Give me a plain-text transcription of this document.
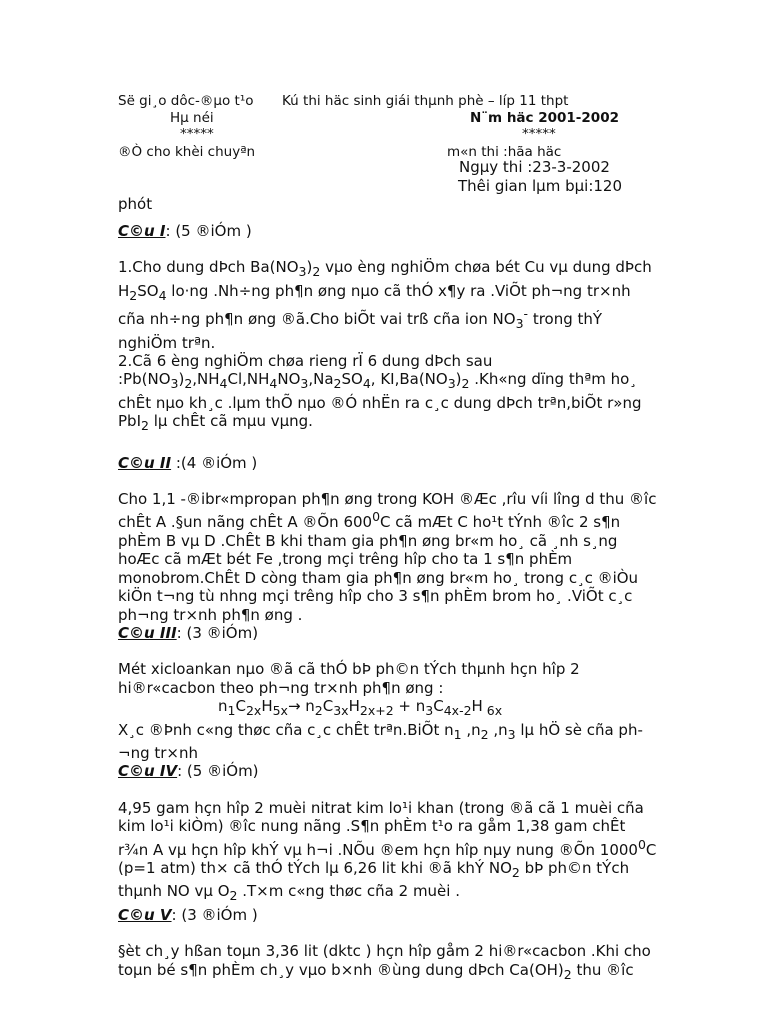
Së gi¸o dôc-®µo t¹o Kú thi häc sinh giái thµnh phè – líp 11 thpt
Hµ néi	N¨m häc 2001-2002
*****	*****
®Ò cho khèi chuyªn	m«n thi :hãa häc
Ngµy thi :23-3-2002
Thêi gian lµm bµi:120
phót

C©u I: (5 ®iÓm )

1.Cho dung dÞch $Ba(NO_3)_2$ vµo èng nghiÖm chøa bét Cu vµ dung dÞch $H_2SO_4$ lo·ng .Nh÷ng ph¶n øng nµo cã thÓ x¶y ra .ViÕt ph¬ng tr×nh cña nh÷ng ph¶n øng ®ã.Cho biÕt vai trß cña ion $NO_3^-$ trong thÝ nghiÖm trªn.

2.Cã 6 èng nghiÖm chøa rieng rÏ 6 dung dÞch sau $:Pb(NO_3)_2,NH_4Cl,NH_4NO_3,Na_2SO_4$, $KI,Ba(NO_3)_2$ .Kh«ng dïng thªm ho¸ chÊt nµo kh¸c .lµm thÕ nµo ®Ó nhËn ra c¸c dung dÞch trªn,biÕt r»ng PbI$_2$ lµ chÊt cã mµu vµng.

C©u II :(4 ®iÓm )

Cho 1,1 -®ibr«mpropan ph¶n øng trong KOH ®Æc ,rîu víi lîng d thu ®îc chÊt A .§un nãng chÊt A ®Õn $600^0C$ cã mÆt C ho¹t tÝnh ®îc 2 s¶n phÈm B vµ D .ChÊt B khi tham gia ph¶n øng br«m ho¸ cã ¸nh s¸ng hoÆc cã mÆt bét Fe ,trong mçi trêng hîp cho ta 1 s¶n phÈm monobrom.ChÊt D còng tham gia ph¶n øng br«m ho¸ trong c¸c ®iÒu kiÖn t¬ng tù nhng mçi trêng hîp cho 3 s¶n phÈm brom ho¸ .ViÕt c¸c ph¬ng tr×nh ph¶n øng .

C©u III: (3 ®iÓm)

Mét xicloankan nµo ®ã cã thÓ bÞ ph©n tÝch thµnh hçn hîp 2 hi®r«cacbon theo ph¬ng tr×nh ph¶n øng :

$n_1C_{2x}H_{5x}\to n_2C_{3x}H_{2x+2} + n_3C_{4x-2}H$ $_{6x}$

X¸c ®Þnh c«ng thøc cña c¸c chÊt trªn.BiÕt $n_1$ $,n_2$ $,n_3$ lµ hÖ sè cña ph¬ng tr×nh

C©u IV: (5 ®iÓm)

4,95 gam hçn hîp 2 muèi nitrat kim lo¹i khan (trong ®ã cã 1 muèi cña kim lo¹i kiÒm) ®îc nung nãng .S¶n phÈm t¹o ra gåm 1,38 gam chÊt r¾n A vµ hçn hîp khÝ vµ h¬i .NÕu ®em hçn hîp nµy nung ®Õn 1000$^0$C (p=1 atm) th× cã thÓ tÝch lµ 6,26 lit khi ®ã khÝ $NO_2$ bÞ ph©n tÝch thµnh NO vµ $O_2$ .T×m c«ng thøc cña 2 muèi .

C©u V: (3 ®iÓm )

§èt ch¸y hßan toµn 3,36 lit (dktc ) hçn hîp gåm 2 hi®r«cacbon .Khi cho toµn bé s¶n phÈm ch¸y vµo b×nh ®ùng dung dÞch $Ca(OH)_2$ thu ®îc
